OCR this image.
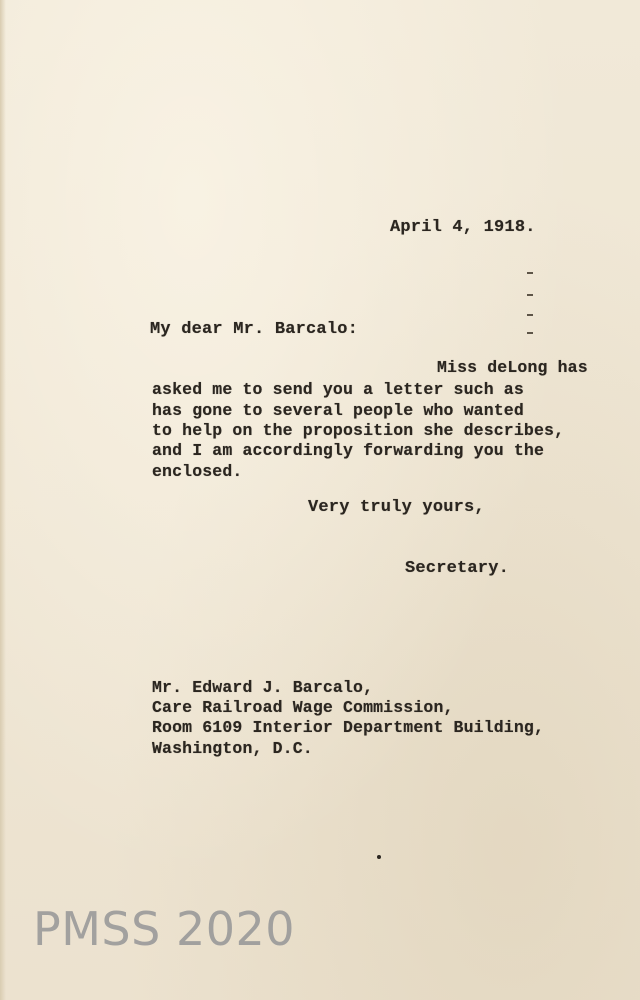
April 4, 1918.

My dear Mr. Barcalo:

Miss deLong has

asked me to send you a letter such as

has gone to several people who wanted

to help on the proposition she describes,

and I am accordingly forwarding you the

enclosed.

Very truly yours,

Secretary.

Mr. Edward J. Barcalo,

Care Railroad Wage Commission,

Room 6109 Interior Department Building,

Washington, D.C.

PMSS 2020
